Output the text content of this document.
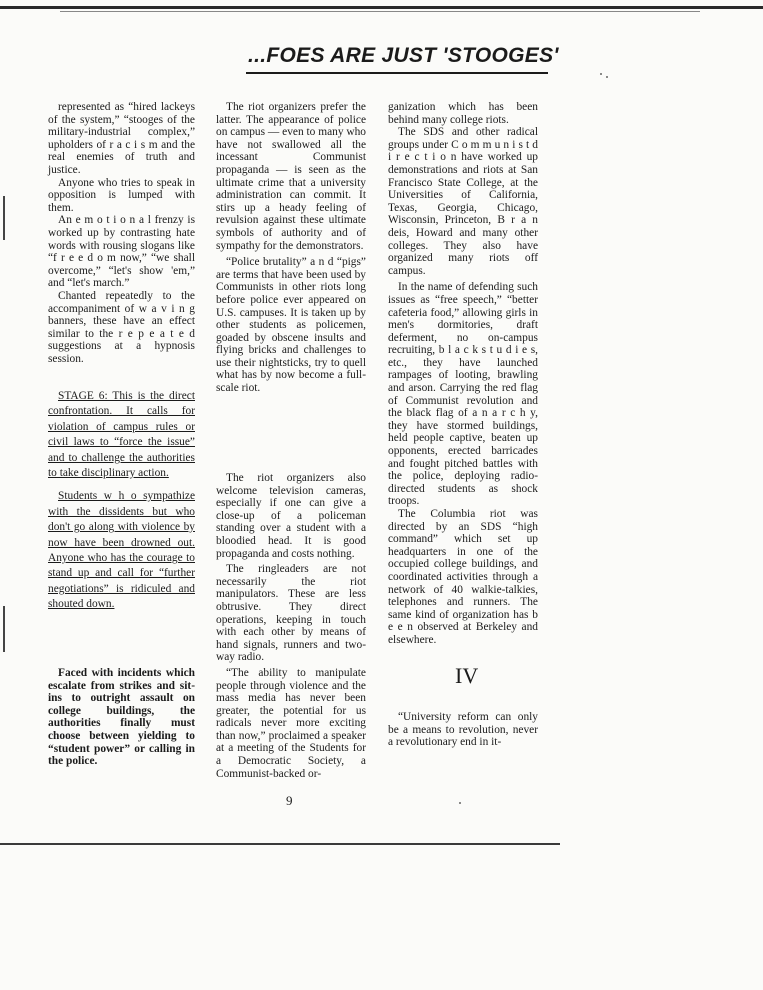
...FOES ARE JUST 'STOOGES'

represented as “hired lackeys of the system,” “stooges of the military-industrial complex,” upholders of r a c i s m and the real enemies of truth and justice.

Anyone who tries to speak in opposition is lumped with them.

An e m o t i o n a l frenzy is worked up by contrasting hate words with rousing slogans like “f r e e d o m now,” “we shall overcome,” “let's show 'em,” and “let's march.”

Chanted repeatedly to the accompaniment of w a v i n g banners, these have an effect similar to the r e p e a t e d suggestions at a hypnosis session.

STAGE 6: This is the direct confrontation. It calls for violation of campus rules or civil laws to “force the issue” and to challenge the authorities to take disciplinary action.

Students w h o sympathize with the dissidents but who don't go along with violence by now have been drowned out. Anyone who has the courage to stand up and call for “further negotiations” is ridiculed and shouted down.

Faced with incidents which escalate from strikes and sit-ins to outright assault on college buildings, the authorities finally must choose between yielding to “student power” or calling in the police.

The riot organizers prefer the latter. The appearance of police on campus — even to many who have not swallowed all the incessant Communist propaganda — is seen as the ultimate crime that a university administration can commit. It stirs up a heady feeling of revulsion against these ultimate symbols of authority and of sympathy for the demonstrators.

“Police brutality” a n d “pigs” are terms that have been used by Communists in other riots long before police ever appeared on U.S. campuses. It is taken up by other students as policemen, goaded by obscene insults and flying bricks and challenges to use their nightsticks, try to quell what has by now become a full-scale riot.

The riot organizers also welcome television cameras, especially if one can give a close-up of a policeman standing over a student with a bloodied head. It is good propaganda and costs nothing.

The ringleaders are not necessarily the riot manipulators. These are less obtrusive. They direct operations, keeping in touch with each other by means of hand signals, runners and two-way radio.

“The ability to manipulate people through violence and the mass media has never been greater, the potential for us radicals never more exciting than now,” proclaimed a speaker at a meeting of the Students for a Democratic Society, a Communist-backed or-

ganization which has been behind many college riots.

The SDS and other radical groups under C o m m u n i s t d i r e c t i o n have worked up demonstrations and riots at San Francisco State College, at the Universities of California, Texas, Georgia, Chicago, Wisconsin, Princeton, B r a n deis, Howard and many other colleges. They also have organized many riots off campus.

In the name of defending such issues as “free speech,” “better cafeteria food,” allowing girls in men's dormitories, draft deferment, no on-campus recruiting, b l a c k s t u d i e s, etc., they have launched rampages of looting, brawling and arson. Carrying the red flag of Communist revolution and the black flag of a n a r c h y, they have stormed buildings, held people captive, beaten up opponents, erected barricades and fought pitched battles with the police, deploying radio-directed students as shock troops.

The Columbia riot was directed by an SDS “high command” which set up headquarters in one of the occupied college buildings, and coordinated activities through a network of 40 walkie-talkies, telephones and runners. The same kind of organization has b e e n observed at Berkeley and elsewhere.

IV

“University reform can only be a means to revolution, never a revolutionary end in it-

9
